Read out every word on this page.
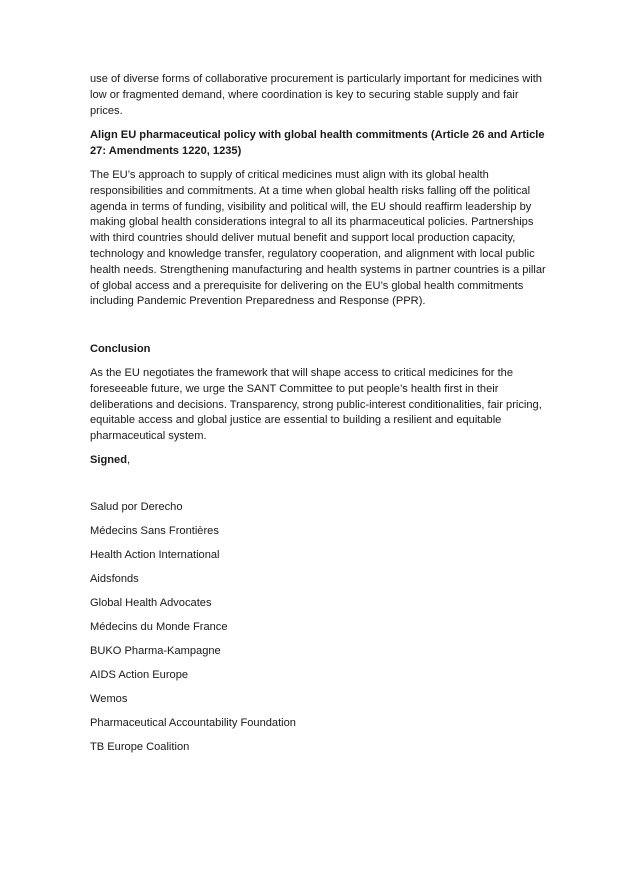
use of diverse forms of collaborative procurement is particularly important for medicines with low or fragmented demand, where coordination is key to securing stable supply and fair prices.

Align EU pharmaceutical policy with global health commitments (Article 26 and Article 27: Amendments 1220, 1235)

The EU’s approach to supply of critical medicines must align with its global health responsibilities and commitments. At a time when global health risks falling off the political agenda in terms of funding, visibility and political will, the EU should reaffirm leadership by making global health considerations integral to all its pharmaceutical policies. Partnerships with third countries should deliver mutual benefit and support local production capacity, technology and knowledge transfer, regulatory cooperation, and alignment with local public health needs. Strengthening manufacturing and health systems in partner countries is a pillar of global access and a prerequisite for delivering on the EU’s global health commitments including Pandemic Prevention Preparedness and Response (PPR).

Conclusion

As the EU negotiates the framework that will shape access to critical medicines for the foreseeable future, we urge the SANT Committee to put people’s health first in their deliberations and decisions. Transparency, strong public-interest conditionalities, fair pricing, equitable access and global justice are essential to building a resilient and equitable pharmaceutical system.

Signed,

Salud por Derecho
Médecins Sans Frontières
Health Action International
Aidsfonds
Global Health Advocates
Médecins du Monde France
BUKO Pharma-Kampagne
AIDS Action Europe
Wemos
Pharmaceutical Accountability Foundation
TB Europe Coalition
